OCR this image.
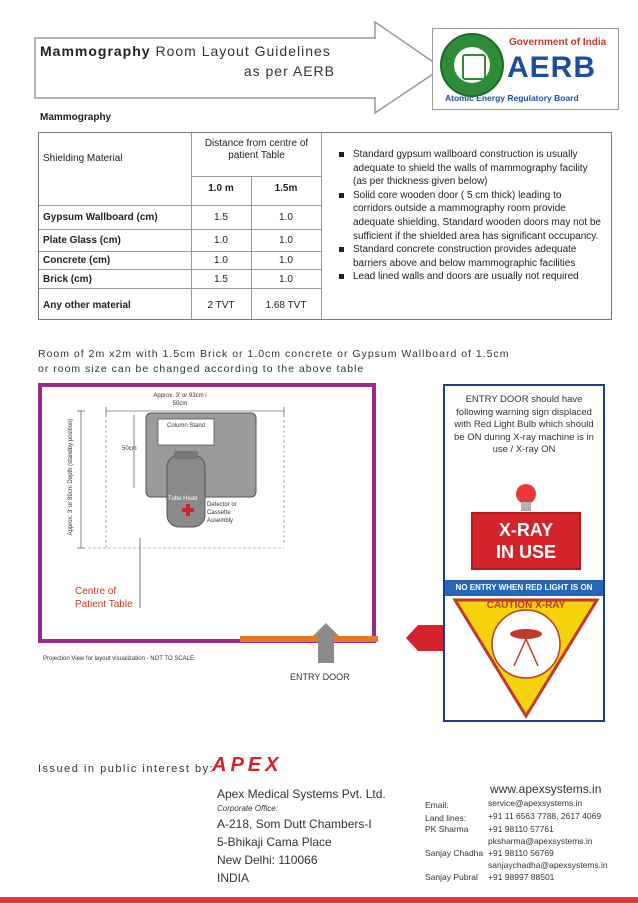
Mammography Room Layout Guidelines
as per AERB
Government of India
AERB
Atomic Energy Regulatory Board
Mammography
Shielding Material
Distance from centre of patient Table
1.0 m	1.5m
Gypsum Wallboard (cm)	1.5	1.0
Plate Glass (cm)	1.0	1.0
Concrete (cm)	1.0	1.0
Brick (cm)	1.5	1.0
Any other material	2 TVT	1.68 TVT
Standard gypsum wallboard construction is usually adequate to shield the walls of mammography facility (as per thickness given below)
Solid core wooden door ( 5 cm thick) leading to corridors outside a mammography room provide adequate shielding. Standard wooden doors may not be sufficient if the shielded area has significant occupancy.
Standard concrete construction provides adequate barriers above and below mammographic facilities
Lead lined walls and doors are usually not required
Room of 2m x2m with 1.5cm Brick or 1.0cm concrete or Gypsum Wallboard of 1.5cm
or room size can be changed according to the above table
Approx. 3' or 93cm i
50cm
50cm
Column Stand
Tube Head
Detector or Cassette Assembly
Approx. 3' or 89cm Depth (standby position)
Centre of Patient Table
Projection View for layout visualization - NOT TO SCALE
ENTRY DOOR
ENTRY DOOR should have following warning sign displaced with Red Light Bulb which should be ON during X-ray machine is in use / X-ray ON
X-RAY
IN USE
NO ENTRY WHEN RED LIGHT IS ON
CAUTION X-RAY
Issued in public interest by:
APEX
Apex Medical Systems Pvt. Ltd.
Corporate Office:
A-218, Som Dutt Chambers-I
5-Bhikaji Cama Place
New Delhi: 110066
INDIA
www.apexsystems.in
Email:	service@apexsystems.in
Land lines:	+91 11 6563 7788, 2617 4069
PK Sharma +91 98110 57761
pksharma@apexsystems.in
Sanjay Chadha +91 98110 56769
sanjaychadha@apexsystems.in
Sanjay Pubral +91 98997 88501
